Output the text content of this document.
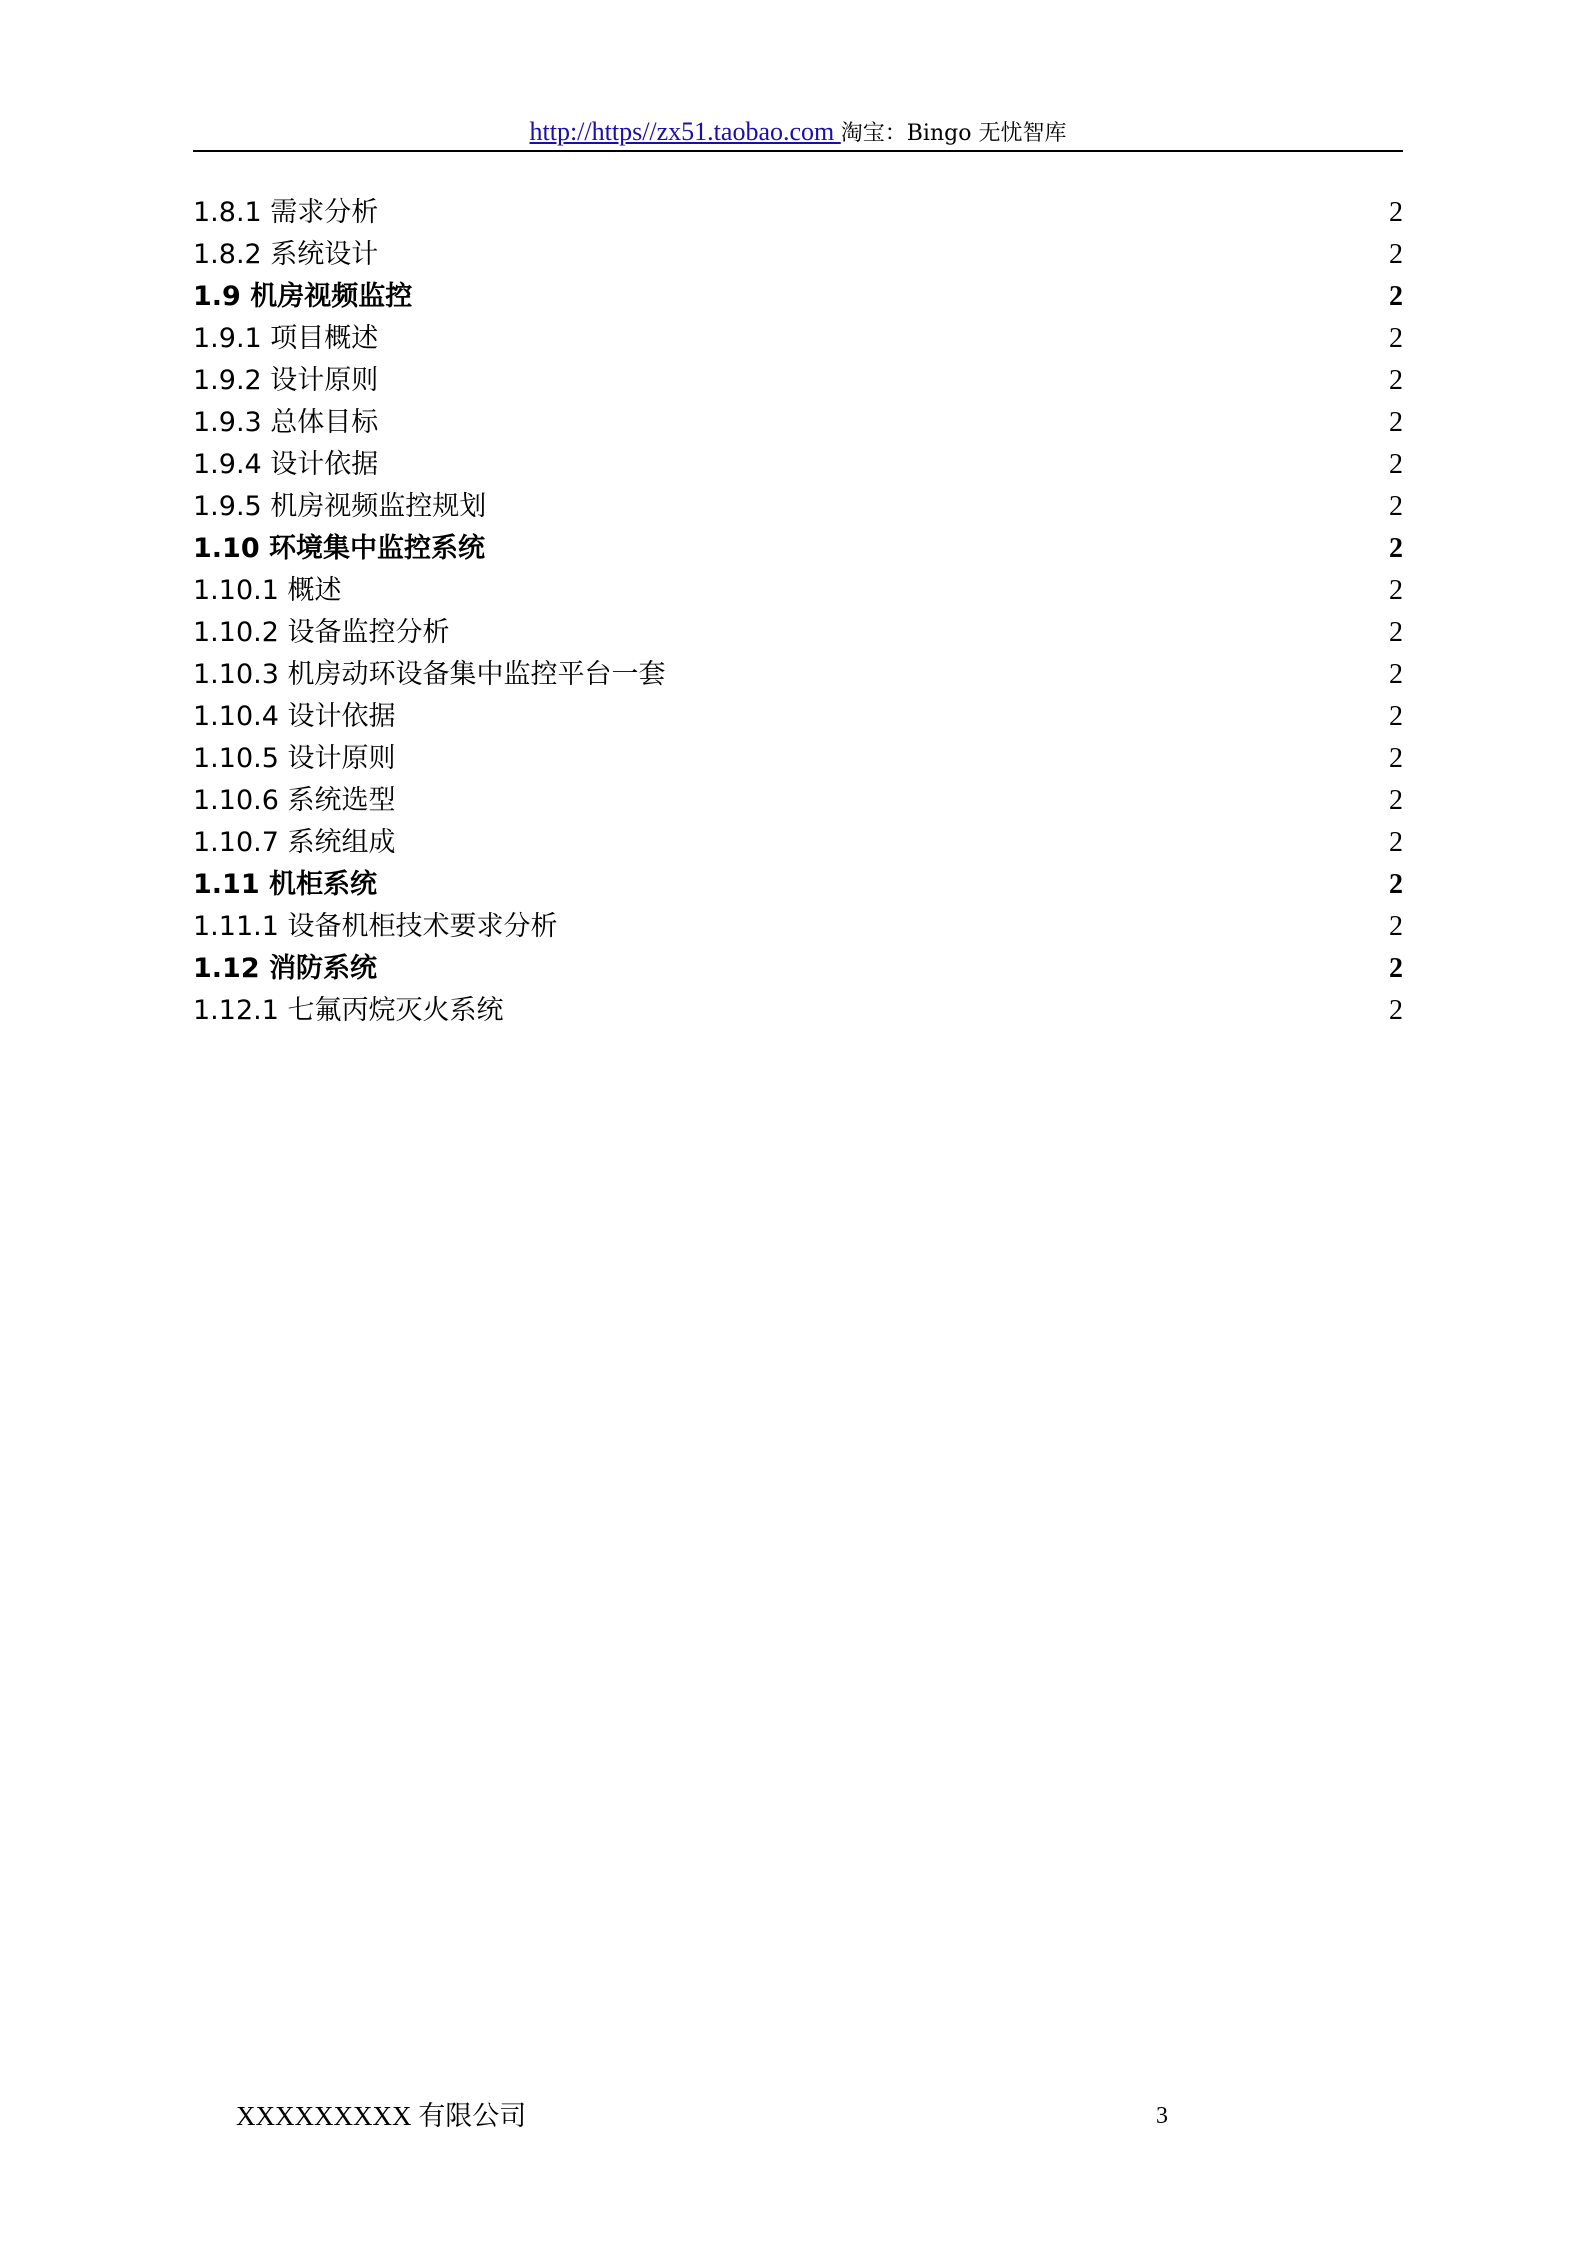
http://https//zx51.taobao.com 淘宝：Bingo 无忧智库
1.8.1 需求分析	2
1.8.2 系统设计	2
1.9 机房视频监控	2
1.9.1 项目概述	2
1.9.2 设计原则	2
1.9.3 总体目标	2
1.9.4 设计依据	2
1.9.5 机房视频监控规划	2
1.10 环境集中监控系统	2
1.10.1 概述	2
1.10.2 设备监控分析	2
1.10.3 机房动环设备集中监控平台一套	2
1.10.4 设计依据	2
1.10.5 设计原则	2
1.10.6 系统选型	2
1.10.7 系统组成	2
1.11 机柜系统	2
1.11.1 设备机柜技术要求分析	2
1.12 消防系统	2
1.12.1 七氟丙烷灭火系统	2
XXXXXXXXX 有限公司	3
